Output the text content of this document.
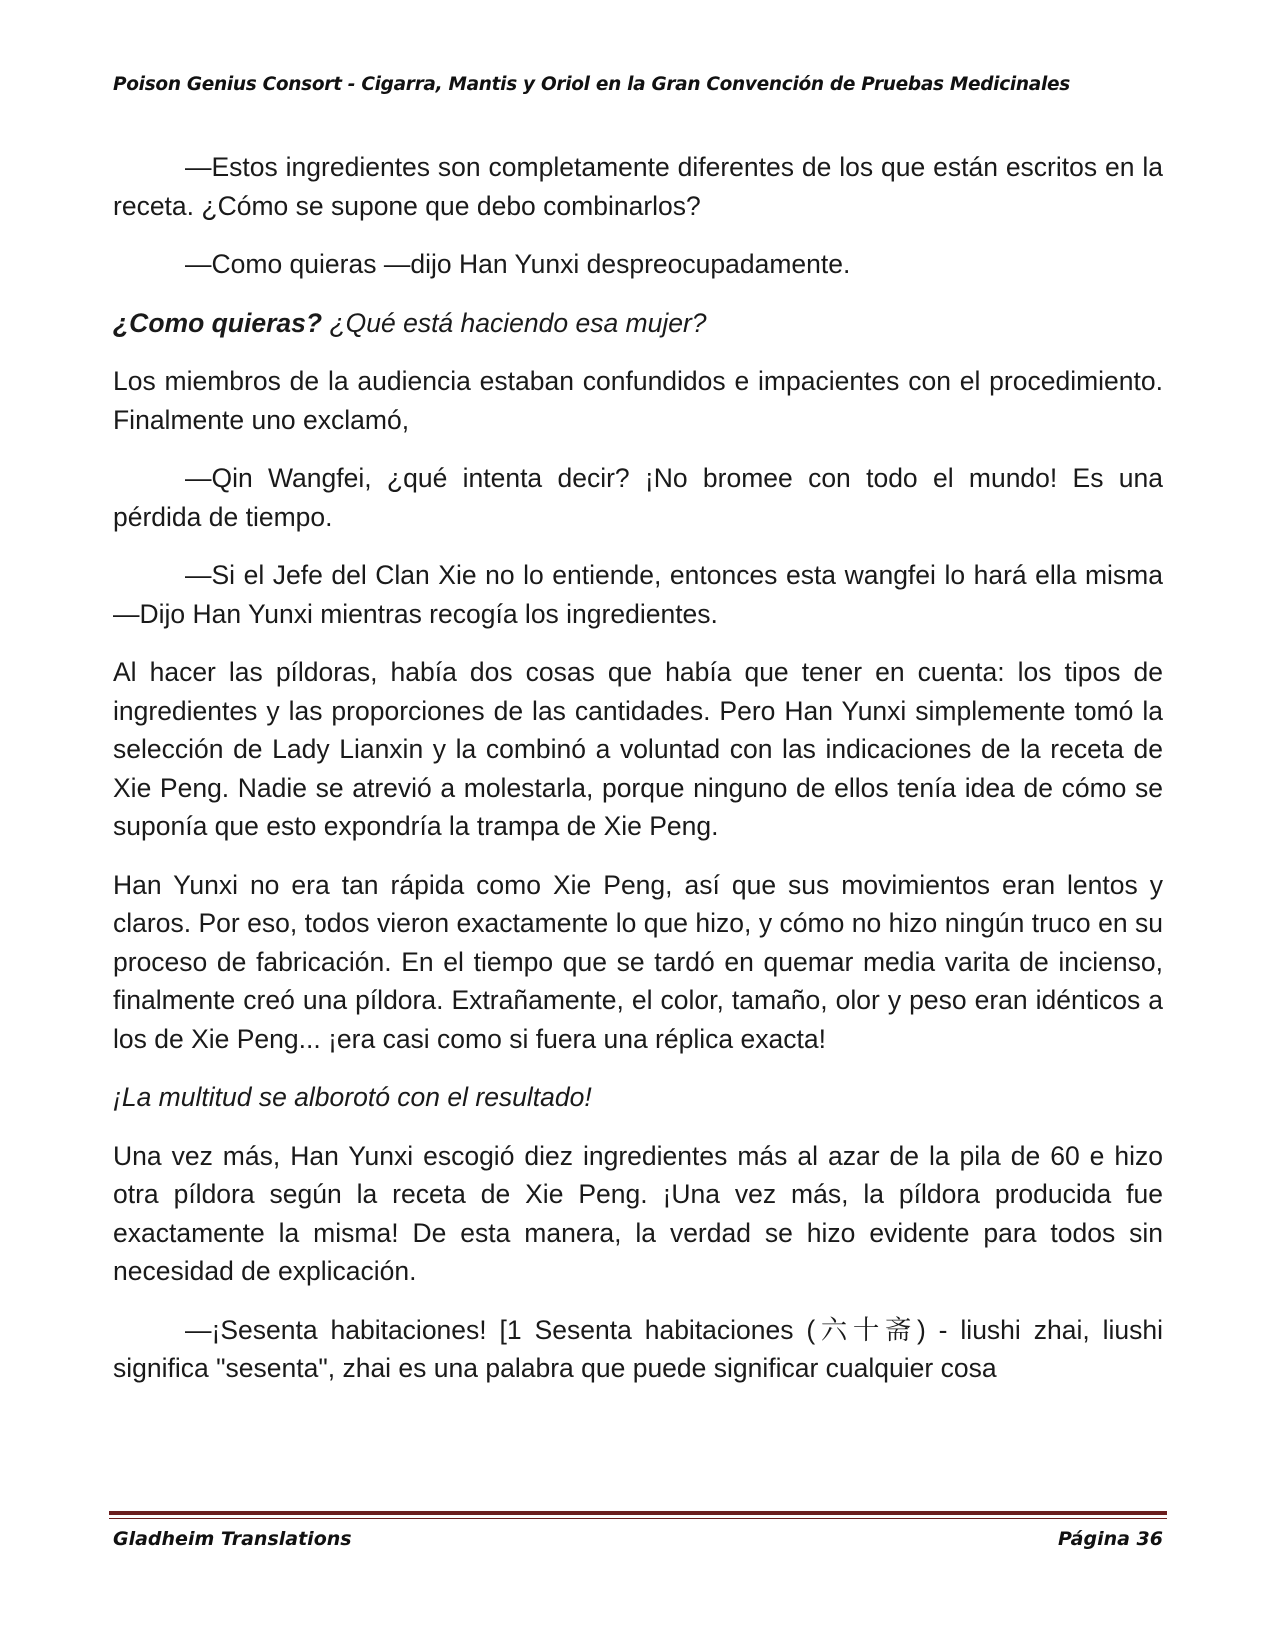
Poison Genius Consort - Cigarra, Mantis y Oriol en la Gran Convención de Pruebas Medicinales

—Estos ingredientes son completamente diferentes de los que están escritos en la receta. ¿Cómo se supone que debo combinarlos?

—Como quieras —dijo Han Yunxi despreocupadamente.

¿Como quieras? ¿Qué está haciendo esa mujer?

Los miembros de la audiencia estaban confundidos e impacientes con el procedimiento. Finalmente uno exclamó,

—Qin Wangfei, ¿qué intenta decir? ¡No bromee con todo el mundo! Es una pérdida de tiempo.

—Si el Jefe del Clan Xie no lo entiende, entonces esta wangfei lo hará ella misma —Dijo Han Yunxi mientras recogía los ingredientes.

Al hacer las píldoras, había dos cosas que había que tener en cuenta: los tipos de ingredientes y las proporciones de las cantidades. Pero Han Yunxi simplemente tomó la selección de Lady Lianxin y la combinó a voluntad con las indicaciones de la receta de Xie Peng. Nadie se atrevió a molestarla, porque ninguno de ellos tenía idea de cómo se suponía que esto expondría la trampa de Xie Peng.

Han Yunxi no era tan rápida como Xie Peng, así que sus movimientos eran lentos y claros. Por eso, todos vieron exactamente lo que hizo, y cómo no hizo ningún truco en su proceso de fabricación. En el tiempo que se tardó en quemar media varita de incienso, finalmente creó una píldora. Extrañamente, el color, tamaño, olor y peso eran idénticos a los de Xie Peng... ¡era casi como si fuera una réplica exacta!

¡La multitud se alborotó con el resultado!

Una vez más, Han Yunxi escogió diez ingredientes más al azar de la pila de 60 e hizo otra píldora según la receta de Xie Peng. ¡Una vez más, la píldora producida fue exactamente la misma! De esta manera, la verdad se hizo evidente para todos sin necesidad de explicación.

—¡Sesenta habitaciones! [1 Sesenta habitaciones (六十斋) - liushi zhai, liushi significa "sesenta", zhai es una palabra que puede significar cualquier cosa

Gladheim Translations	Página 36
